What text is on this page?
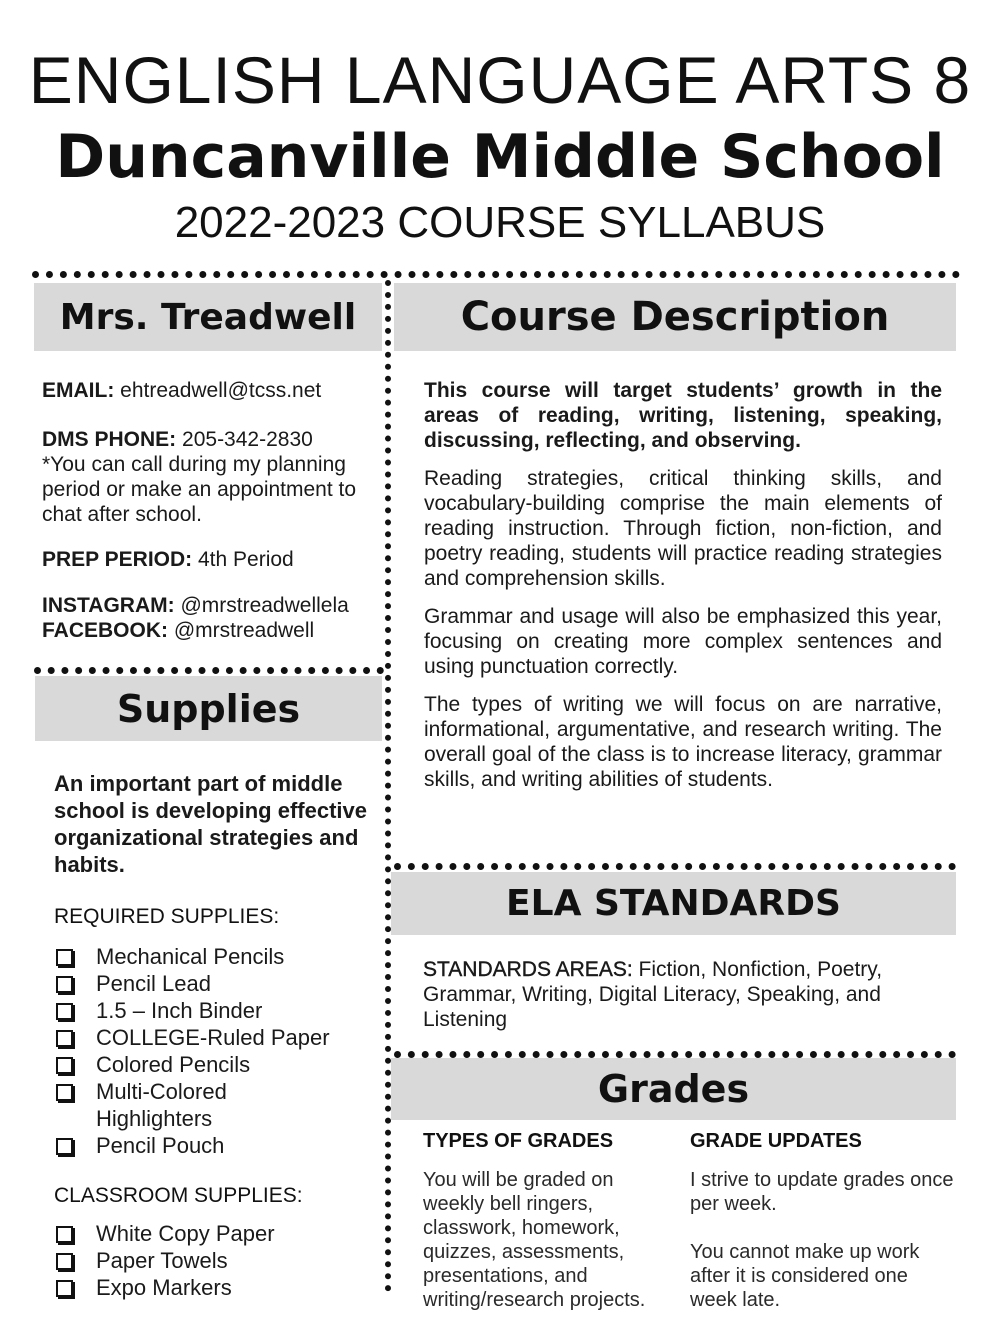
ENGLISH LANGUAGE ARTS 8
Duncanville Middle School
2022-2023 COURSE SYLLABUS
Mrs. Treadwell
EMAIL: ehtreadwell@tcss.net
DMS PHONE: 205-342-2830
*You can call during my planning period or make an appointment to chat after school.
PREP PERIOD: 4th Period
INSTAGRAM: @mrstreadwellela
FACEBOOK: @mrstreadwell
Supplies
An important part of middle school is developing effective organizational strategies and habits.
REQUIRED SUPPLIES:
Mechanical Pencils
Pencil Lead
1.5 – Inch Binder
COLLEGE-Ruled Paper
Colored Pencils
Multi-Colored Highlighters
Pencil Pouch
CLASSROOM SUPPLIES:
White Copy Paper
Paper Towels
Expo Markers
Course Description

This course will target students’ growth in the areas of reading, writing, listening, speaking, discussing, reflecting, and observing.

Reading strategies, critical thinking skills, and vocabulary-building comprise the main elements of reading instruction. Through fiction, non-fiction, and poetry reading, students will practice reading strategies and comprehension skills.

Grammar and usage will also be emphasized this year, focusing on creating more complex sentences and using punctuation correctly.

The types of writing we will focus on are narrative, informational, argumentative, and research writing. The overall goal of the class is to increase literacy, grammar skills, and writing abilities of students.

ELA STANDARDS
STANDARDS AREAS: Fiction, Nonfiction, Poetry, Grammar, Writing, Digital Literacy, Speaking, and Listening
Grades
TYPES OF GRADES
You will be graded on weekly bell ringers, classwork, homework, quizzes, assessments, presentations, and writing/research projects.
GRADE UPDATES
I strive to update grades once per week.
You cannot make up work after it is considered one week late.
